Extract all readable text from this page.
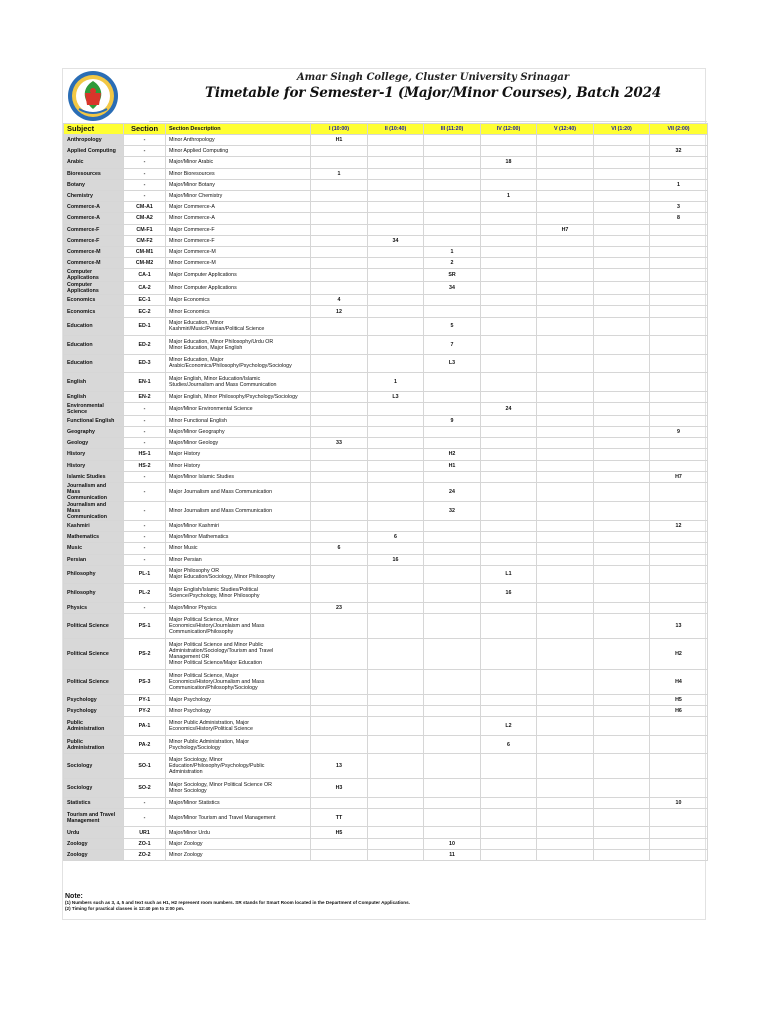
Amar Singh College, Cluster University Srinagar
Timetable for Semester-1 (Major/Minor Courses), Batch 2024
Subject	Section	Section Description	I (10:00)	II (10:40)	III (11:20)	IV (12:00)	V (12:40)	VI (1:20)	VII (2:00)
Anthropology	-	Minor Anthropology	H1						
Applied Computing	-	Minor Applied Computing							32
Arabic	-	Major/Minor Arabic				18			
Bioresources	-	Minor Bioresources	1						
Botany	-	Major/Minor Botany							1
Chemistry	-	Major/Minor Chemistry				1			
Commerce-A	CM-A1	Major Commerce-A							3
Commerce-A	CM-A2	Minor Commerce-A							8
Commerce-F	CM-F1	Major Commerce-F					H7		
Commerce-F	CM-F2	Minor Commerce-F		34					
Commerce-M	CM-M1	Major Commerce-M			1				
Commerce-M	CM-M2	Minor Commerce-M			2				
Computer Applications	CA-1	Major Computer Applications			SR				
Computer Applications	CA-2	Minor Computer Applications			34				
Economics	EC-1	Major Economics	4						
Economics	EC-2	Minor Economics	12						
Education	ED-1	Major Education, Minor
Kashmiri/Music/Persian/Political Science			5				
Education	ED-2	Major Education, Minor Philosophy/Urdu OR
Minor Education, Major English			7				
Education	ED-3	Minor Education, Major
Arabic/Economics/Philosophy/Psychology/Sociology			L3				
English	EN-1	Major English, Minor Education/Islamic
Studies/Journalism and Mass Communication		1					
English	EN-2	Major English, Minor Philosophy/Psychology/Sociology		L3					
Environmental Science	-	Major/Minor Environmental Science				24			
Functional English	-	Minor Functional English			9				
Geography	-	Major/Minor Geography							9
Geology	-	Major/Minor Geology	33						
History	HS-1	Major History			H2				
History	HS-2	Minor History			H1				
Islamic Studies	-	Major/Minor Islamic Studies							H7
Journalism and Mass Communication	-	Major Journalism and Mass Communication			24				
Journalism and Mass Communication	-	Minor Journalism and Mass Communication			32				
Kashmiri	-	Major/Minor Kashmiri							12
Mathematics	-	Major/Minor Mathematics		6					
Music	-	Minor Music	6						
Persian	-	Minor Persian		16					
Philosophy	PL-1	Major Philosophy OR
Major Education/Sociology, Minor Philosophy				L1			
Philosophy	PL-2	Major English/Islamic Studies/Political
Science/Psychology, Minor Philosophy				16			
Physics	-	Major/Minor Physics	23						
Political Science	PS-1	Major Political Science, Minor
Economics/History/Journlaism and Mass
Communication/Philosophy							13
Political Science	PS-2	Major Political Science and Minor Public
Administration/Sociology/Tourism and Travel
Management OR
Minor Political Science/Major Education							H2
Political Science	PS-3	Minor Political Science, Major
Economics/History/Journalism and Mass
Communication/Philosophy/Sociology							H4
Psychology	PY-1	Major Psychology							H5
Psychology	PY-2	Minor Psychology							H6
Public Administration	PA-1	Minor Public Administration, Major
Economics/History/Political Science				L2			
Public Administration	PA-2	Minor Public Administration, Major
Psychology/Sociology				6			
Sociology	SO-1	Major Sociology, Minor
Education/Philosophy/Psychology/Public
Administration	13						
Sociology	SO-2	Major Sociology, Minor Political Science OR
Minor Sociology	H3						
Statistics	-	Major/Minor Statistics							10
Tourism and Travel Management	-	Major/Minor Tourism and Travel Management	TT						
Urdu	UR1	Major/Minor Urdu	H5						
Zoology	ZO-1	Major Zoology			10				
Zoology	ZO-2	Minor Zoology			11				
Note:
(1) Numbers such as 3, 4, 5 and text such as H1, H2 represent room numbers. SR stands for Smart Room located in the Department of Computer Applications.
(2) Timing for practical classes is 12:40 pm to 2:00 pm.
